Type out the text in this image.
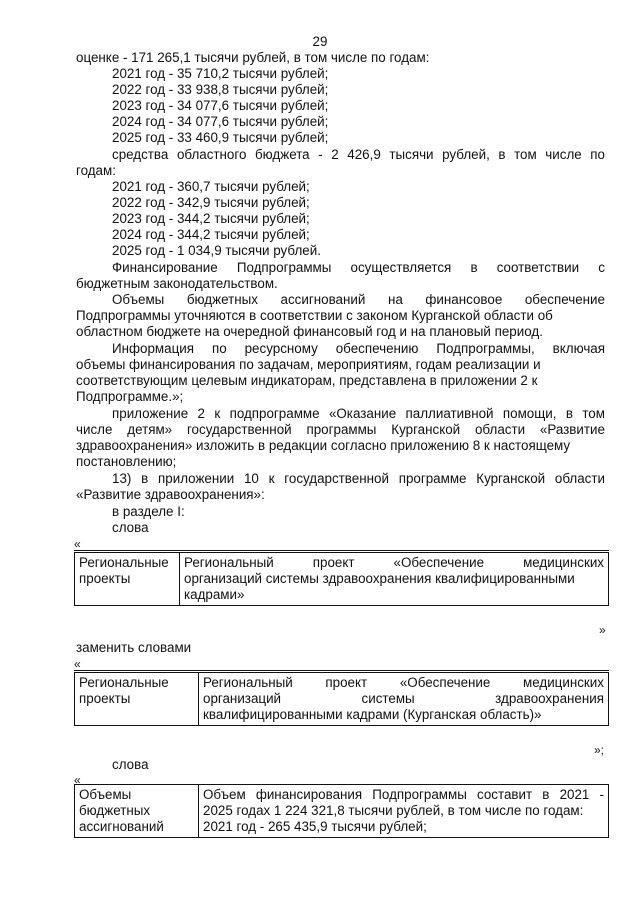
29
оценке - 171 265,1 тысячи рублей, в том числе по годам:
2021 год - 35 710,2 тысячи рублей;
2022 год - 33 938,8 тысячи рублей;
2023 год - 34 077,6 тысячи рублей;
2024 год - 34 077,6 тысячи рублей;
2025 год - 33 460,9 тысячи рублей;
средства областного бюджета - 2 426,9 тысячи рублей, в том числе по
годам:
2021 год - 360,7 тысячи рублей;
2022 год - 342,9 тысячи рублей;
2023 год - 344,2 тысячи рублей;
2024 год - 344,2 тысячи рублей;
2025 год - 1 034,9 тысячи рублей.
Финансирование Подпрограммы осуществляется в соответствии с
бюджетным законодательством.
Объемы бюджетных ассигнований на финансовое обеспечение
Подпрограммы уточняются в соответствии с законом Курганской области об
областном бюджете на очередной финансовый год и на плановый период.
Информация по ресурсному обеспечению Подпрограммы, включая
объемы финансирования по задачам, мероприятиям, годам реализации и
соответствующим целевым индикаторам, представлена в приложении 2 к
Подпрограмме.»;
приложение 2 к подпрограмме «Оказание паллиативной помощи, в том
числе детям» государственной программы Курганской области «Развитие
здравоохранения» изложить в редакции согласно приложению 8 к настоящему
постановлению;
13) в приложении 10 к государственной программе Курганской области
«Развитие здравоохранения»:
в разделе I:
слова
«
Региональные
проекты

Региональный	проект	«Обеспечение	медицинских
организаций системы здравоохранения квалифицированными
кадрами»
»
заменить словами
«
Региональные
проекты

Региональный проект «Обеспечение медицинских
организаций	системы	здравоохранения
квалифицированными кадрами (Курганская область)»
»;
слова
«
Объемы
бюджетных
ассигнований

Объем финансирования Подпрограммы составит в 2021 -
2025 годах 1 224 321,8 тысячи рублей, в том числе по годам:
2021 год - 265 435,9 тысячи рублей;
